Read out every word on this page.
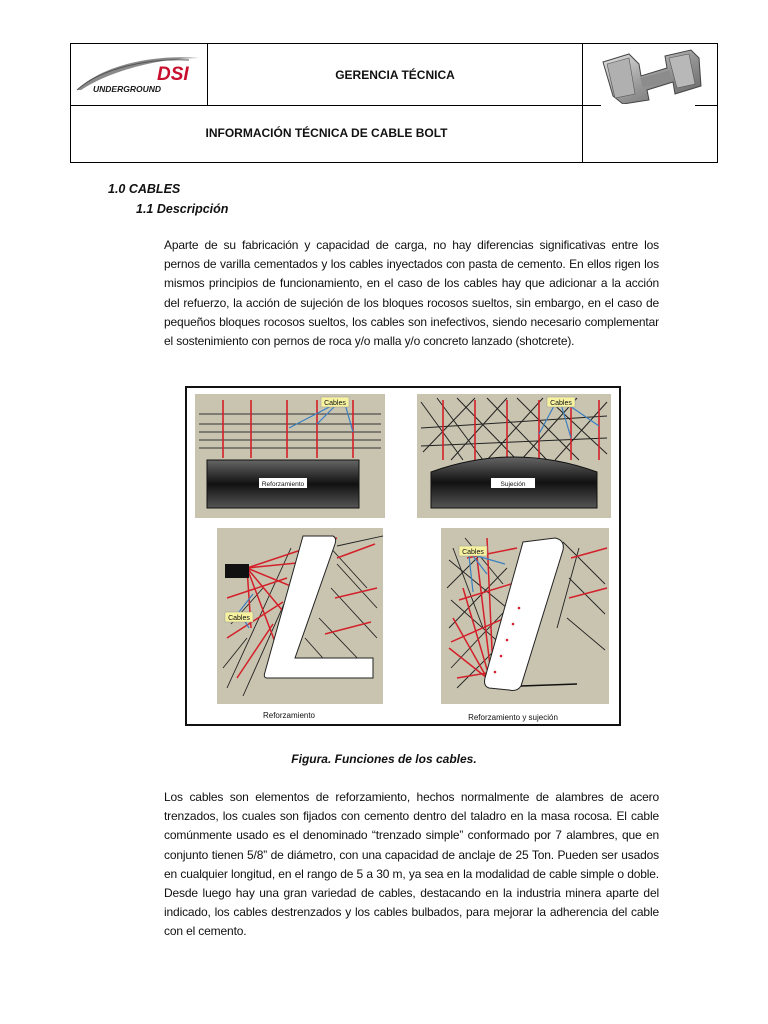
DSI
UNDERGROUND
GERENCIA TÉCNICA
INFORMACIÓN TÉCNICA DE CABLE BOLT
1.0 CABLES
1.1 Descripción
Aparte de su fabricación y capacidad de carga, no hay diferencias significativas entre los pernos de varilla cementados y los cables inyectados con pasta de cemento. En ellos rigen los mismos principios de funcionamiento, en el caso de los cables hay que adicionar a la acción del refuerzo, la acción de sujeción de los bloques rocosos sueltos, sin embargo, en el caso de pequeños bloques rocosos sueltos, los cables son inefectivos, siendo necesario complementar el sostenimiento con pernos de roca y/o malla y/o concreto lanzado (shotcrete).
Cables
Reforzamiento
Cables
Sujeción
Cables
Reforzamiento
Cables
Reforzamiento y sujeción
Figura. Funciones de los cables.
Los cables son elementos de reforzamiento, hechos normalmente de alambres de acero trenzados, los cuales son fijados con cemento dentro del taladro en la masa rocosa. El cable comúnmente usado es el denominado “trenzado simple” conformado por 7 alambres, que en conjunto tienen 5/8” de diámetro, con una capacidad de anclaje de 25 Ton. Pueden ser usados en cualquier longitud, en el rango de 5 a 30 m, ya sea en la modalidad de cable simple o doble. Desde luego hay una gran variedad de cables, destacando en la industria minera aparte del indicado, los cables destrenzados y los cables bulbados, para mejorar la adherencia del cable con el cemento.
